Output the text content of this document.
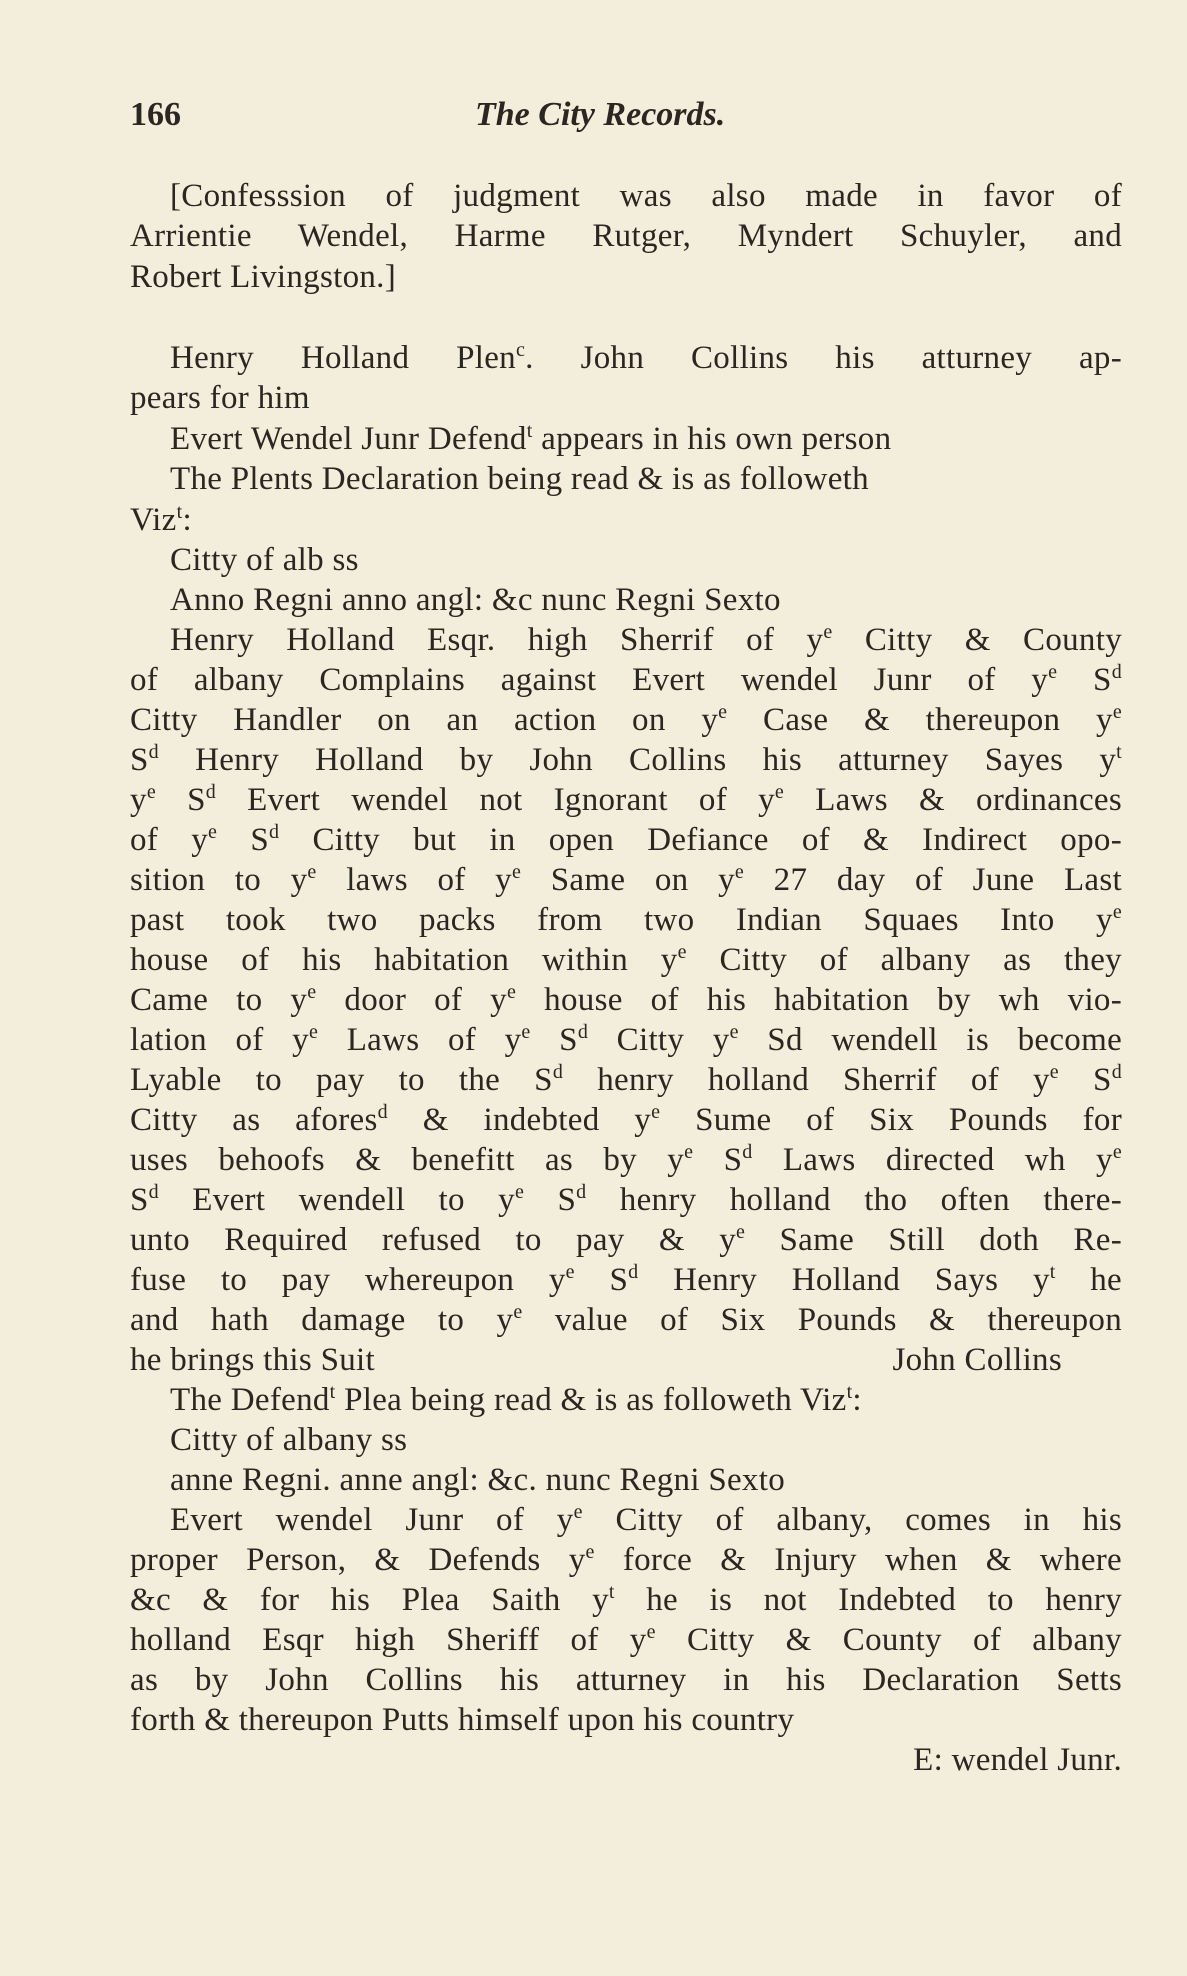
166	The City Records.
[Confesssion of judgment was also made in favor of
Arrientie Wendel, Harme Rutger, Myndert Schuyler, and
Robert Livingston.]
Henry Holland Plen$^c$. John Collins his atturney ap-
pears for him
Evert Wendel Junr Defend$^t$ appears in his own person
The Plents Declaration being read & is as followeth
Viz$^t$:
Citty of alb ss
Anno Regni anno angl: &c nunc Regni Sexto
Henry Holland Esqr. high Sherrif of $y^e$ Citty & County
of albany Complains against Evert wendel Junr of $y^e$ $S^d$
Citty Handler on an action on $y^e$ Case & thereupon $y^e$
$S^d$ Henry Holland by John Collins his atturney Sayes $y^t$
$y^e$ $S^d$ Evert wendel not Ignorant of $y^e$ Laws & ordinances
of $y^e$ $S^d$ Citty but in open Defiance of & Indirect opo-
sition to $y^e$ laws of $y^e$ Same on $y^e$ 27 day of June Last
past took two packs from two Indian Squaes Into $y^e$
house of his habitation within $y^e$ Citty of albany as they
Came to $y^e$ door of $y^e$ house of his habitation by wh vio-
lation of $y^e$ Laws of $y^e$ $S^d$ Citty $y^e$ Sd wendell is become
Lyable to pay to the $S^d$ henry holland Sherrif of $y^e$ $S^d$
Citty as afores$^d$ & indebted $y^e$ Sume of Six Pounds for
uses behoofs & benefitt as by $y^e$ $S^d$ Laws directed wh $y^e$
$S^d$ Evert wendell to $y^e$ $S^d$ henry holland tho often there-
unto Required refused to pay & $y^e$ Same Still doth Re-
fuse to pay whereupon $y^e$ $S^d$ Henry Holland Says $y^t$ he
and hath damage to $y^e$ value of Six Pounds & thereupon
he brings this Suit	John Collins
The Defend$^t$ Plea being read & is as followeth Viz$^t$:
Citty of albany ss
anne Regni. anne angl: &c. nunc Regni Sexto
Evert wendel Junr of $y^e$ Citty of albany, comes in his
proper Person, & Defends $y^e$ force & Injury when & where
&c & for his Plea Saith $y^t$ he is not Indebted to henry
holland Esqr high Sheriff of $y^e$ Citty & County of albany
as by John Collins his atturney in his Declaration Setts
forth & thereupon Putts himself upon his country
E: wendel Junr.
